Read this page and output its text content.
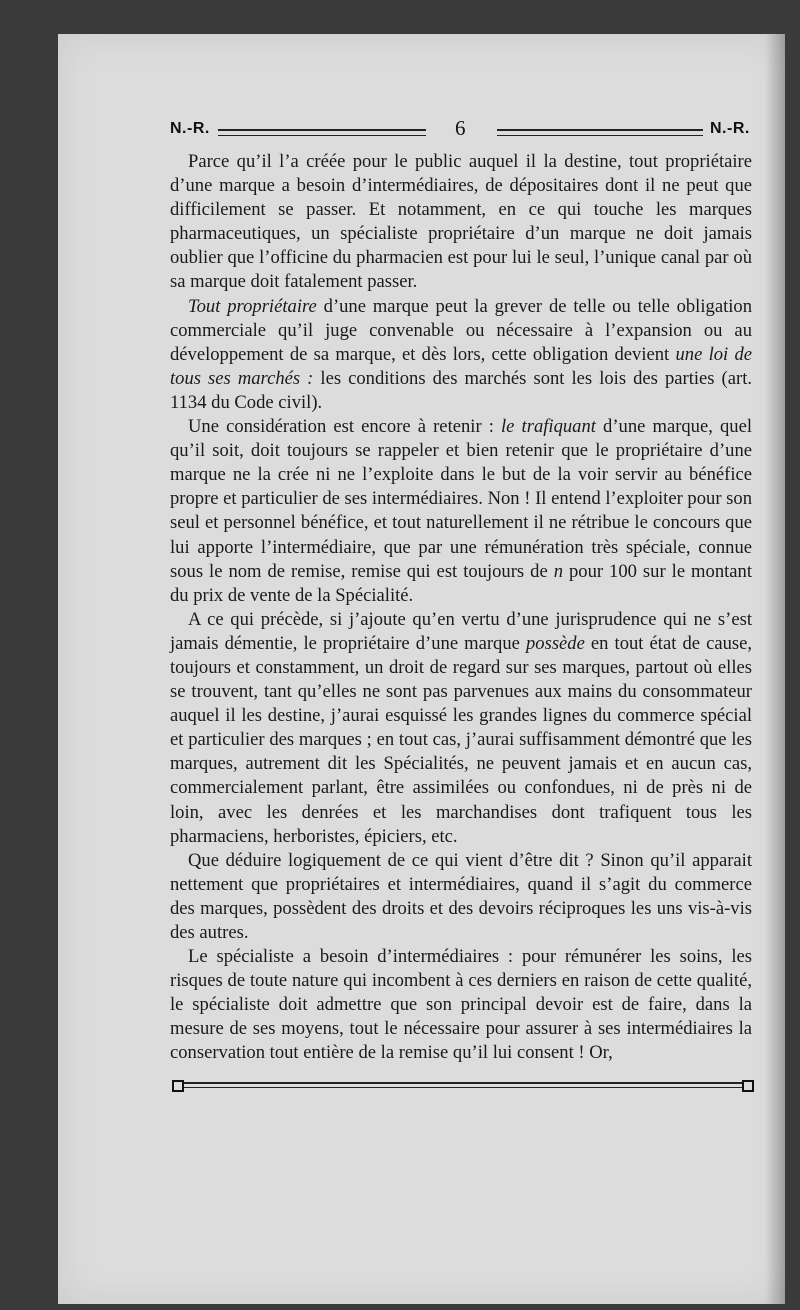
N.-R.	6	N.-R.

Parce qu’il l’a créée pour le public auquel il la destine, tout propriétaire d’une marque a besoin d’intermédiaires, de dépositaires dont il ne peut que difficilement se passer. Et notamment, en ce qui touche les marques pharmaceutiques, un spécialiste propriétaire d’un marque ne doit jamais oublier que l’officine du pharmacien est pour lui le seul, l’unique canal par où sa marque doit fatalement passer.

Tout propriétaire d’une marque peut la grever de telle ou telle obligation commerciale qu’il juge convenable ou nécessaire à l’expansion ou au développement de sa marque, et dès lors, cette obligation devient une loi de tous ses marchés : les conditions des marchés sont les lois des parties (art. 1134 du Code civil).

Une considération est encore à retenir : le trafiquant d’une marque, quel qu’il soit, doit toujours se rappeler et bien retenir que le propriétaire d’une marque ne la crée ni ne l’exploite dans le but de la voir servir au bénéfice propre et particulier de ses intermédiaires. Non ! Il entend l’exploiter pour son seul et personnel bénéfice, et tout naturellement il ne rétribue le concours que lui apporte l’intermédiaire, que par une rémunération très spéciale, connue sous le nom de remise, remise qui est toujours de n pour 100 sur le montant du prix de vente de la Spécialité.

A ce qui précède, si j’ajoute qu’en vertu d’une jurisprudence qui ne s’est jamais démentie, le propriétaire d’une marque possède en tout état de cause, toujours et constamment, un droit de regard sur ses marques, partout où elles se trouvent, tant qu’elles ne sont pas parvenues aux mains du consommateur auquel il les destine, j’aurai esquissé les grandes lignes du commerce spécial et particulier des marques ; en tout cas, j’aurai suffisamment démontré que les marques, autrement dit les Spécialités, ne peuvent jamais et en aucun cas, commercialement parlant, être assimilées ou confondues, ni de près ni de loin, avec les denrées et les marchandises dont trafiquent tous les pharmaciens, herboristes, épiciers, etc.

Que déduire logiquement de ce qui vient d’être dit ? Sinon qu’il apparait nettement que propriétaires et intermédiaires, quand il s’agit du commerce des marques, possèdent des droits et des devoirs réciproques les uns vis-à-vis des autres.

Le spécialiste a besoin d’intermédiaires : pour rémunérer les soins, les risques de toute nature qui incombent à ces derniers en raison de cette qualité, le spécialiste doit admettre que son principal devoir est de faire, dans la mesure de ses moyens, tout le nécessaire pour assurer à ses intermédiaires la conservation tout entière de la remise qu’il lui consent ! Or,
